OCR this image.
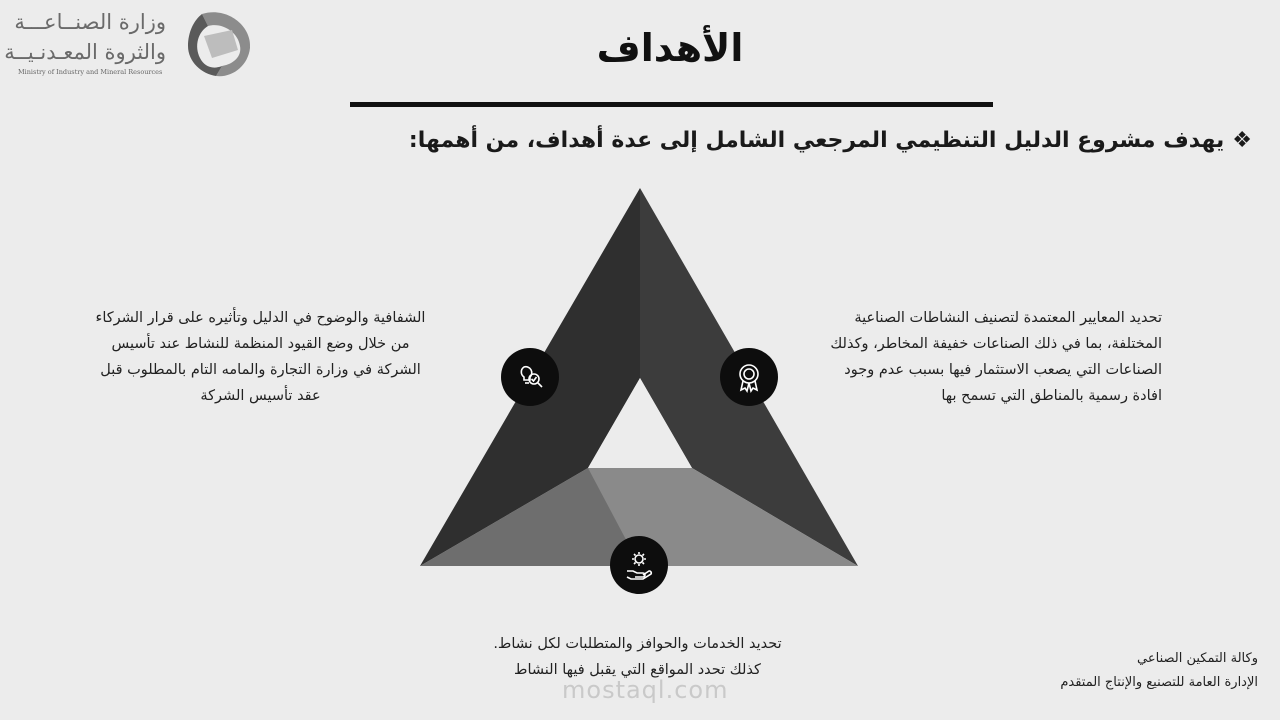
وزارة الصنــاعـــة
والثروة المعـدنـيــة
Ministry of Industry and Mineral Resources
الأهداف
❖
يهدف مشروع الدليل التنظيمي المرجعي الشامل إلى عدة أهداف، من أهمها:
تحديد المعايير المعتمدة لتصنيف النشاطات الصناعية المختلفة، بما في ذلك الصناعات خفيفة المخاطر، وكذلك الصناعات التي يصعب الاستثمار فيها بسبب عدم وجود افادة رسمية بالمناطق التي تسمح بها
الشفافية والوضوح في الدليل وتأثيره على قرار الشركاء من خلال وضع القيود المنظمة للنشاط عند تأسيس الشركة في وزارة التجارة والمامه التام بالمطلوب قبل عقد تأسيس الشركة
تحديد الخدمات والحوافز والمتطلبات لكل نشاط.
كذلك تحدد المواقع التي يقبل فيها النشاط
mostaql.com
وكالة التمكين الصناعي
الإدارة العامة للتصنيع والإنتاج المتقدم
